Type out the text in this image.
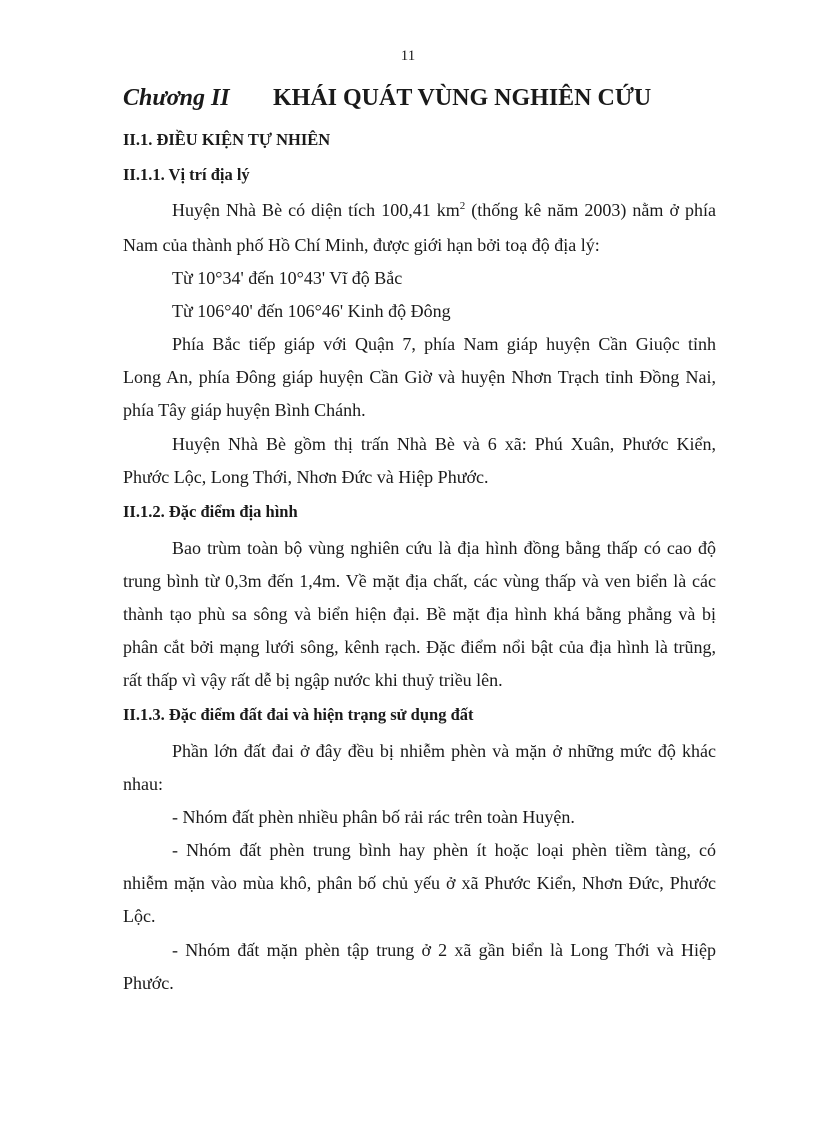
11
Chương II KHÁI QUÁT VÙNG NGHIÊN CỨU
II.1. ĐIỀU KIỆN TỰ NHIÊN
II.1.1. Vị trí địa lý
Huyện Nhà Bè có diện tích 100,41 $km^2$ (thống kê năm 2003) nằm ở phía
Nam của thành phố Hồ Chí Minh, được giới hạn bởi toạ độ địa lý:
Từ 10°34' đến 10°43' Vĩ độ Bắc
Từ 106°40' đến 106°46' Kinh độ Đông
Phía Bắc tiếp giáp với Quận 7, phía Nam giáp huyện Cần Giuộc tỉnh
Long An, phía Đông giáp huyện Cần Giờ và huyện Nhơn Trạch tỉnh Đồng Nai,
phía Tây giáp huyện Bình Chánh.
Huyện Nhà Bè gồm thị trấn Nhà Bè và 6 xã: Phú Xuân, Phước Kiển,
Phước Lộc, Long Thới, Nhơn Đức và Hiệp Phước.
II.1.2. Đặc điểm địa hình
Bao trùm toàn bộ vùng nghiên cứu là địa hình đồng bằng thấp có cao độ
trung bình từ 0,3m đến 1,4m. Về mặt địa chất, các vùng thấp và ven biển là các
thành tạo phù sa sông và biển hiện đại. Bề mặt địa hình khá bằng phẳng và bị
phân cắt bởi mạng lưới sông, kênh rạch. Đặc điểm nổi bật của địa hình là trũng,
rất thấp vì vậy rất dễ bị ngập nước khi thuỷ triều lên.
II.1.3. Đặc điểm đất đai và hiện trạng sử dụng đất
Phần lớn đất đai ở đây đều bị nhiễm phèn và mặn ở những mức độ khác
nhau:
- Nhóm đất phèn nhiều phân bố rải rác trên toàn Huyện.
- Nhóm đất phèn trung bình hay phèn ít hoặc loại phèn tiềm tàng, có
nhiễm mặn vào mùa khô, phân bố chủ yếu ở xã Phước Kiển, Nhơn Đức, Phước
Lộc.
- Nhóm đất mặn phèn tập trung ở 2 xã gần biển là Long Thới và Hiệp
Phước.
